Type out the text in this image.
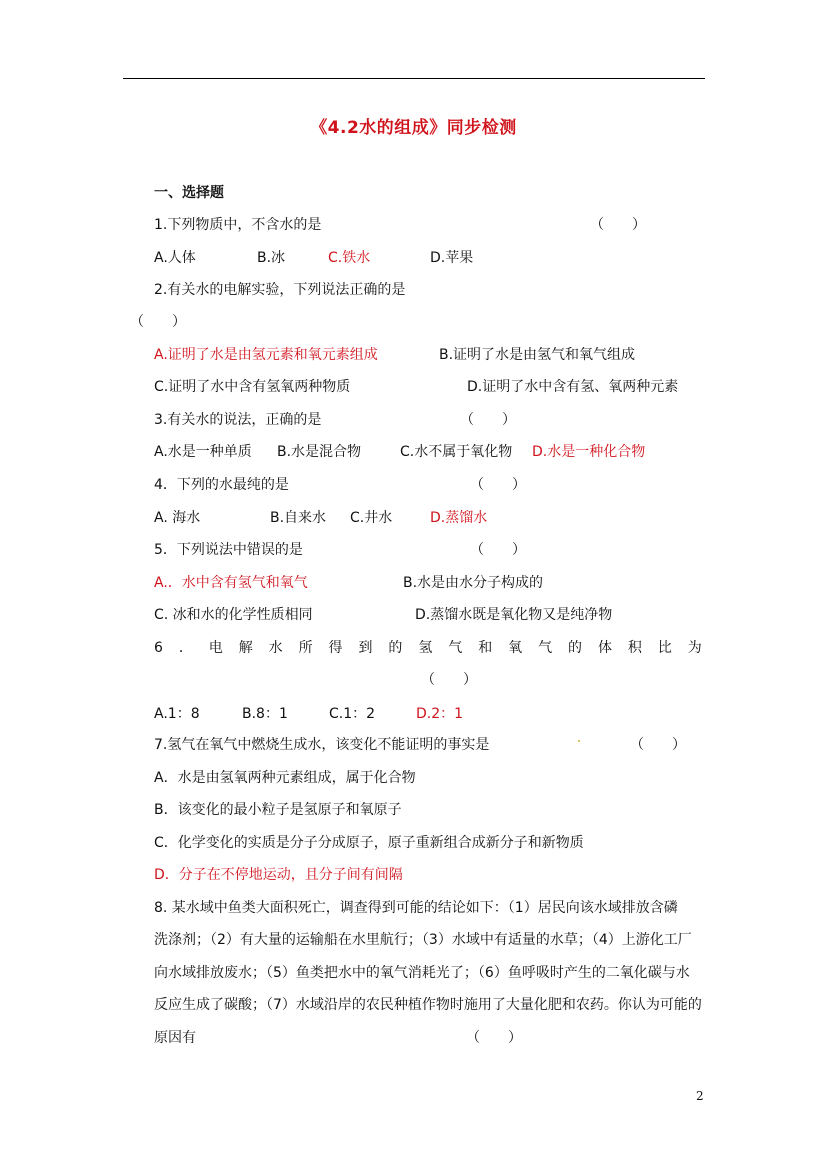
《4.2水的组成》同步检测
一、选择题
1.下列物质中，不含水的是	（　　）
A.人体	B.冰	C.铁水	D.苹果
2.有关水的电解实验，下列说法正确的是
（　　）
A.证明了水是由氢元素和氧元素组成	B.证明了水是由氢气和氧气组成
C.证明了水中含有氢氧两种物质	D.证明了水中含有氢、氧两种元素
3.有关水的说法，正确的是	（　　）
A.水是一种单质 B.水是混合物	C.水不属于氧化物 D.水是一种化合物
4．下列的水最纯的是	（　　）
A. 海水	B.自来水 C.井水	D.蒸馏水
5．下列说法中错误的是	（　　）
A.．水中含有氢气和氧气	B.水是由水分子构成的
C. 冰和水的化学性质相同	D.蒸馏水既是氧化物又是纯净物
6 ． 电 解 水 所 得 到 的 氢 气 和 氧 气 的 体 积 比 为
（　　）
A.1：8	B.8：1	C.1：2	D.2：1
7.氢气在氧气中燃烧生成水，该变化不能证明的事实是	（　　）
A．水是由氢氧两种元素组成，属于化合物
B．该变化的最小粒子是氢原子和氧原子
C．化学变化的实质是分子分成原子，原子重新组合成新分子和新物质
D．分子在不停地运动，且分子间有间隔
8. 某水域中鱼类大面积死亡，调查得到可能的结论如下：（1）居民向该水域排放含磷
洗涤剂；（2）有大量的运输船在水里航行；（3）水域中有适量的水草；（4）上游化工厂
向水域排放废水；（5）鱼类把水中的氧气消耗光了；（6）鱼呼吸时产生的二氧化碳与水
反应生成了碳酸；（7）水域沿岸的农民种植作物时施用了大量化肥和农药。你认为可能的
原因有	（　　）
2
